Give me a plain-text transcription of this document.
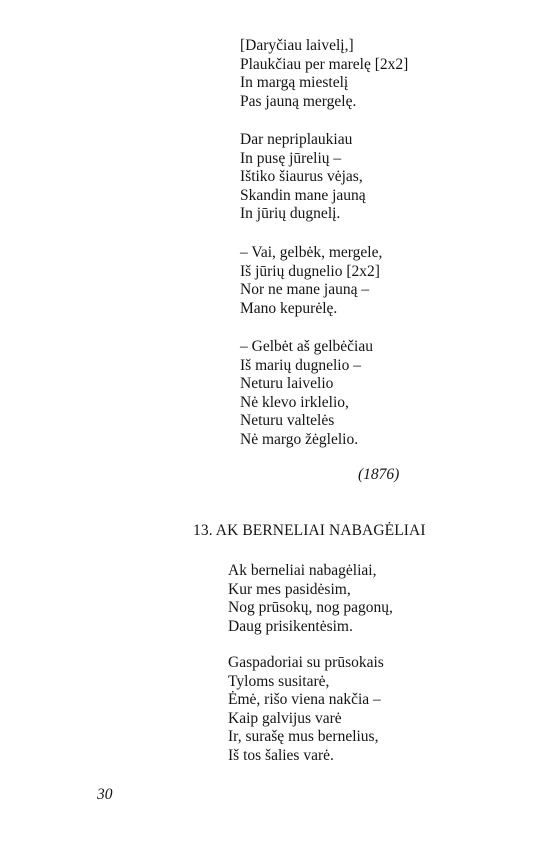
[Daryčiau laivelį,]
Plaukčiau per marelę [2x2]
In margą miestelį
Pas jauną mergelę.
Dar nepriplaukiau
In pusę jūrelių –
Ištiko šiaurus vėjas,
Skandin mane jauną
In jūrių dugnelį.
– Vai, gelbėk, mergele,
Iš jūrių dugnelio [2x2]
Nor ne mane jauną –
Mano kepurėlę.
– Gelbėt aš gelbėčiau
Iš marių dugnelio –
Neturu laivelio
Nė klevo irklelio,
Neturu valtelės
Nė margo žėglelio.
(1876)
13. AK BERNELIAI NABAGĖLIAI
Ak berneliai nabagėliai,
Kur mes pasidėsim,
Nog prūsokų, nog pagonų,
Daug prisikentėsim.
Gaspadoriai su prūsokais
Tyloms susitarė,
Ėmė, rišo viena nakčia –
Kaip galvijus varė
Ir, surašę mus bernelius,
Iš tos šalies varė.
30
